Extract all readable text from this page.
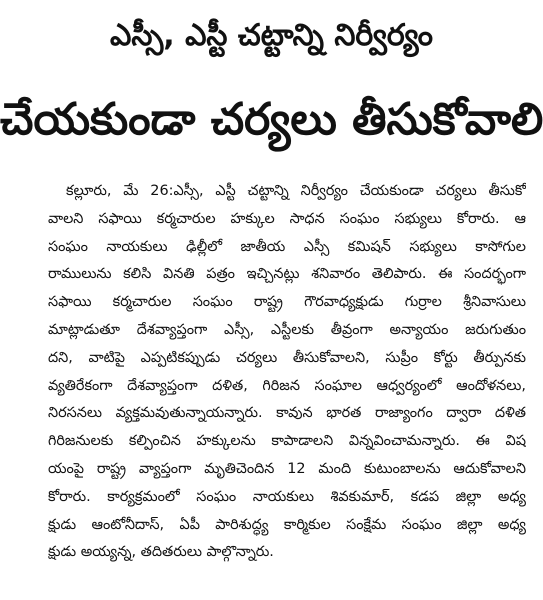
ఎస్సీ, ఎస్టీ చట్టాన్ని నిర్వీర్యం
చేయకుండా చర్యలు తీసుకోవాలి
కల్లూరు, మే 26:ఎస్సీ, ఎస్టీ చట్టాన్ని నిర్వీర్యం చేయకుండా చర్యలు తీసుకో
వాలని సఫాయి కర్మచారుల హక్కుల సాధన సంఘం సభ్యులు కోరారు. ఆ
సంఘం నాయకులు ఢిల్లీలో జాతీయ ఎస్సీ కమిషన్ సభ్యులు కాసోగుల
రాములును కలిసి వినతి పత్రం ఇచ్చినట్లు శనివారం తెలిపారు. ఈ సందర్భంగా
సఫాయి కర్మచారుల సంఘం రాష్ట్ర గౌరవాధ్యక్షుడు గుర్రాల శ్రీనివాసులు
మాట్లాడుతూ దేశవ్యాప్తంగా ఎస్సీ, ఎస్టీలకు తీవ్రంగా అన్యాయం జరుగుతుం
దని, వాటిపై ఎప్పటికప్పుడు చర్యలు తీసుకోవాలని, సుప్రీం కోర్టు తీర్పునకు
వ్యతిరేకంగా దేశవ్యాప్తంగా దళిత, గిరిజన సంఘాల ఆధ్వర్యంలో ఆందోళనలు,
నిరసనలు వ్యక్తమవుతున్నాయన్నారు. కావున భారత రాజ్యాంగం ద్వారా దళిత
గిరిజనులకు కల్పించిన హక్కులను కాపాడాలని విన్నవించామన్నారు. ఈ విష
యంపై రాష్ట్ర వ్యాప్తంగా మృతిచెందిన 12 మంది కుటుంబాలను ఆదుకోవాలని
కోరారు. కార్యక్రమంలో సంఘం నాయకులు శివకుమార్, కడప జిల్లా అధ్య
క్షుడు ఆంటోనీదాస్, ఏపీ పారిశుద్ధ్య కార్మికుల సంక్షేమ సంఘం జిల్లా అధ్య
క్షుడు అయ్యన్న, తదితరులు పాల్గొన్నారు.
